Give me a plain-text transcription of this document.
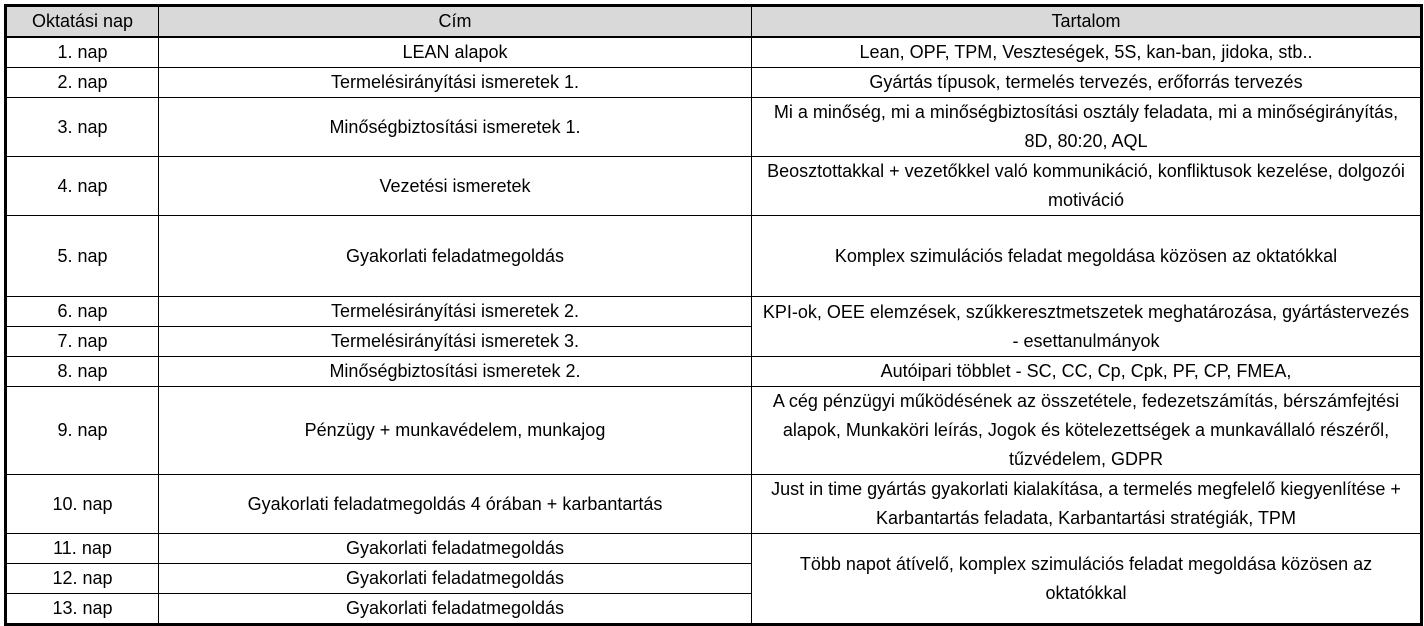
Oktatási nap	Cím	Tartalom
1. nap	LEAN alapok	Lean, OPF, TPM, Veszteségek, 5S, kan-ban, jidoka, stb..
2. nap	Termelésirányítási ismeretek 1.	Gyártás típusok, termelés tervezés, erőforrás tervezés
3. nap	Minőségbiztosítási ismeretek 1.	Mi a minőség, mi a minőségbiztosítási osztály feladata, mi a minőségirányítás, 8D, 80:20, AQL
4. nap	Vezetési ismeretek	Beosztottakkal + vezetőkkel való kommunikáció, konfliktusok kezelése, dolgozói motiváció
5. nap	Gyakorlati feladatmegoldás	Komplex szimulációs feladat megoldása közösen az oktatókkal
6. nap	Termelésirányítási ismeretek 2.	KPI-ok, OEE elemzések, szűkkeresztmetszetek meghatározása, gyártástervezés - esettanulmányok
7. nap	Termelésirányítási ismeretek 3.	
8. nap	Minőségbiztosítási ismeretek 2.	Autóipari többlet - SC, CC, Cp, Cpk, PF, CP, FMEA,
9. nap	Pénzügy + munkavédelem, munkajog	A cég pénzügyi működésének az összetétele, fedezetszámítás, bérszámfejtési alapok, Munkaköri leírás, Jogok és kötelezettségek a munkavállaló részéről, tűzvédelem, GDPR
10. nap	Gyakorlati feladatmegoldás 4 órában + karbantartás	Just in time gyártás gyakorlati kialakítása, a termelés megfelelő kiegyenlítése + Karbantartás feladata, Karbantartási stratégiák, TPM
11. nap	Gyakorlati feladatmegoldás	Több napot átívelő, komplex szimulációs feladat megoldása közösen az oktatókkal
12. nap	Gyakorlati feladatmegoldás	
13. nap	Gyakorlati feladatmegoldás	
